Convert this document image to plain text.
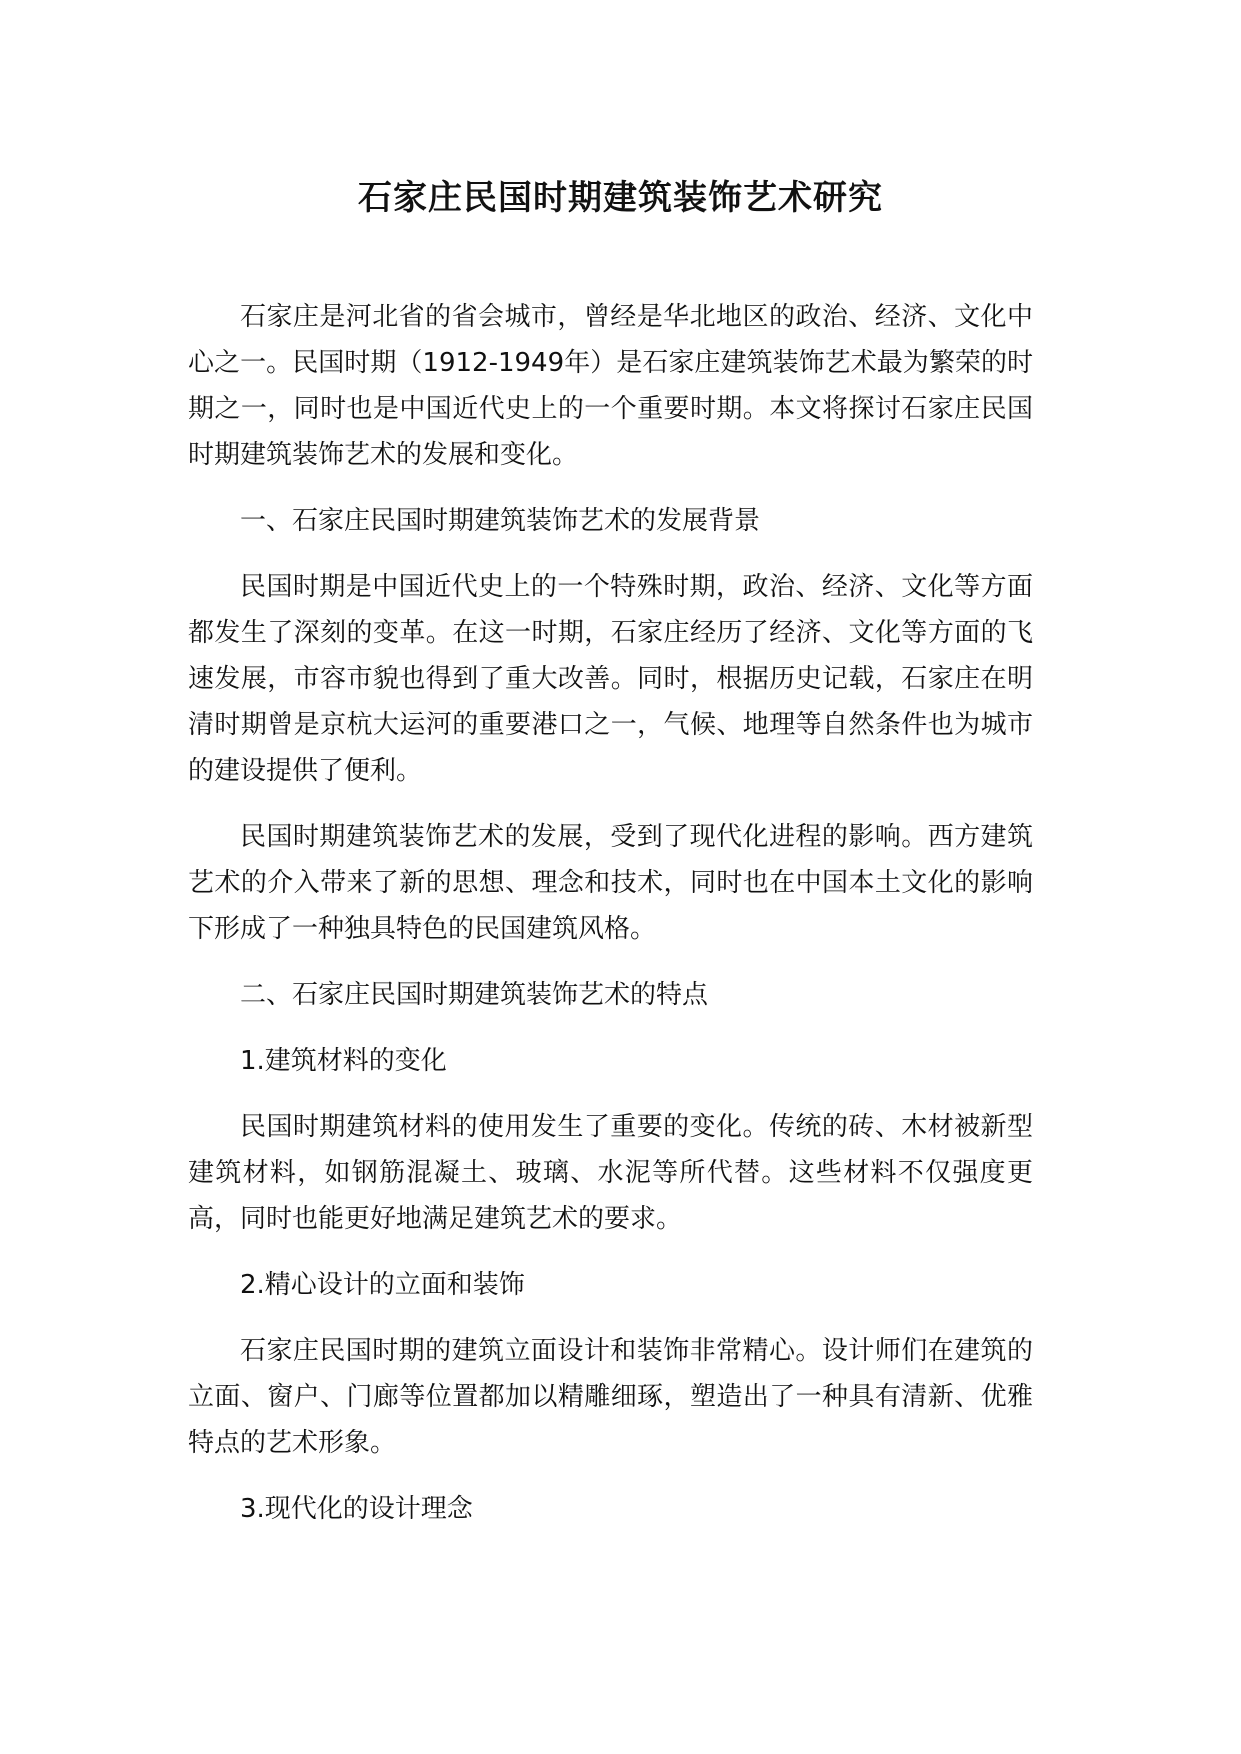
石家庄民国时期建筑装饰艺术研究

石家庄是河北省的省会城市，曾经是华北地区的政治、经济、文化中心之一。民国时期（1912-1949年）是石家庄建筑装饰艺术最为繁荣的时期之一，同时也是中国近代史上的一个重要时期。本文将探讨石家庄民国时期建筑装饰艺术的发展和变化。

一、石家庄民国时期建筑装饰艺术的发展背景

民国时期是中国近代史上的一个特殊时期，政治、经济、文化等方面都发生了深刻的变革。在这一时期，石家庄经历了经济、文化等方面的飞速发展，市容市貌也得到了重大改善。同时，根据历史记载，石家庄在明清时期曾是京杭大运河的重要港口之一，气候、地理等自然条件也为城市的建设提供了便利。

民国时期建筑装饰艺术的发展，受到了现代化进程的影响。西方建筑艺术的介入带来了新的思想、理念和技术，同时也在中国本土文化的影响下形成了一种独具特色的民国建筑风格。

二、石家庄民国时期建筑装饰艺术的特点

1.建筑材料的变化

民国时期建筑材料的使用发生了重要的变化。传统的砖、木材被新型建筑材料，如钢筋混凝土、玻璃、水泥等所代替。这些材料不仅强度更高，同时也能更好地满足建筑艺术的要求。

2.精心设计的立面和装饰

石家庄民国时期的建筑立面设计和装饰非常精心。设计师们在建筑的立面、窗户、门廊等位置都加以精雕细琢，塑造出了一种具有清新、优雅特点的艺术形象。

3.现代化的设计理念
